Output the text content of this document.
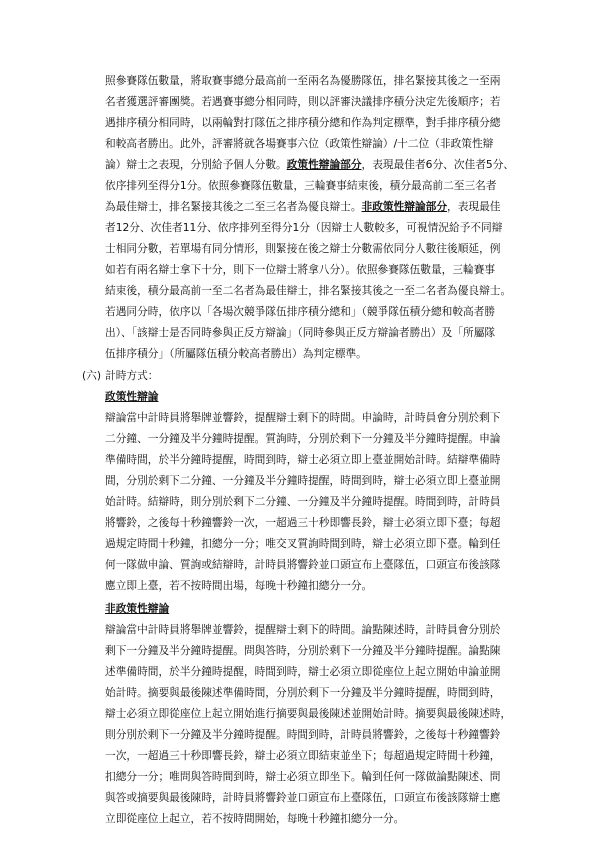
照參賽隊伍數量，將取賽事總分最高前一至兩名為優勝隊伍，排名緊接其後之一至兩
名者獲選評審團獎。若遇賽事總分相同時，則以評審決議排序積分決定先後順序；若
遇排序積分相同時，以兩輪對打隊伍之排序積分總和作為判定標準，對手排序積分總
和較高者勝出。此外，評審將就各場賽事六位（政策性辯論）/十二位（非政策性辯
論）辯士之表現，分別給予個人分數。政策性辯論部分，表現最佳者6分、次佳者5分、
依序排列至得分1分。依照參賽隊伍數量，三輪賽事結束後，積分最高前二至三名者
為最佳辯士，排名緊接其後之二至三名者為優良辯士。非政策性辯論部分，表現最佳
者12分、次佳者11分、依序排列至得分1分（因辯士人數較多，可視情況給予不同辯
士相同分數，若單場有同分情形，則緊接在後之辯士分數需依同分人數往後順延，例
如若有兩名辯士拿下十分，則下一位辯士將拿八分）。依照參賽隊伍數量，三輪賽事
結束後，積分最高前一至二名者為最佳辯士，排名緊接其後之一至二名者為優良辯士。
若遇同分時，依序以「各場次競爭隊伍排序積分總和」（競爭隊伍積分總和較高者勝
出）、「該辯士是否同時參與正反方辯論」（同時參與正反方辯論者勝出）及「所屬隊
伍排序積分」（所屬隊伍積分較高者勝出）為判定標準。
(六) 計時方式：
政策性辯論
辯論當中計時員將舉牌並響鈴，提醒辯士剩下的時間。申論時，計時員會分別於剩下
二分鐘、一分鐘及半分鐘時提醒。質詢時，分別於剩下一分鐘及半分鐘時提醒。申論
準備時間，於半分鐘時提醒，時間到時，辯士必須立即上臺並開始計時。結辯準備時
間，分別於剩下二分鐘、一分鐘及半分鐘時提醒，時間到時，辯士必須立即上臺並開
始計時。結辯時，則分別於剩下二分鐘、一分鐘及半分鐘時提醒。時間到時，計時員
將響鈴，之後每十秒鐘響鈴一次，一超過三十秒即響長鈴，辯士必須立即下臺；每超
過規定時間十秒鐘，扣總分一分；唯交叉質詢時間到時，辯士必須立即下臺。輪到任
何一隊做申論、質詢或結辯時，計時員將響鈴並口頭宣布上臺隊伍，口頭宣布後該隊
應立即上臺，若不按時間出場，每晚十秒鐘扣總分一分。
非政策性辯論
辯論當中計時員將舉牌並響鈴，提醒辯士剩下的時間。論點陳述時，計時員會分別於
剩下一分鐘及半分鐘時提醒。問與答時，分別於剩下一分鐘及半分鐘時提醒。論點陳
述準備時間，於半分鐘時提醒，時間到時，辯士必須立即從座位上起立開始申論並開
始計時。摘要與最後陳述準備時間，分別於剩下一分鐘及半分鐘時提醒，時間到時，
辯士必須立即從座位上起立開始進行摘要與最後陳述並開始計時。摘要與最後陳述時，
則分別於剩下一分鐘及半分鐘時提醒。時間到時，計時員將響鈴，之後每十秒鐘響鈴
一次，一超過三十秒即響長鈴，辯士必須立即結束並坐下；每超過規定時間十秒鐘，
扣總分一分；唯問與答時間到時，辯士必須立即坐下。輪到任何一隊做論點陳述、問
與答或摘要與最後陳時，計時員將響鈴並口頭宣布上臺隊伍，口頭宣布後該隊辯士應
立即從座位上起立，若不按時間開始，每晚十秒鐘扣總分一分。
